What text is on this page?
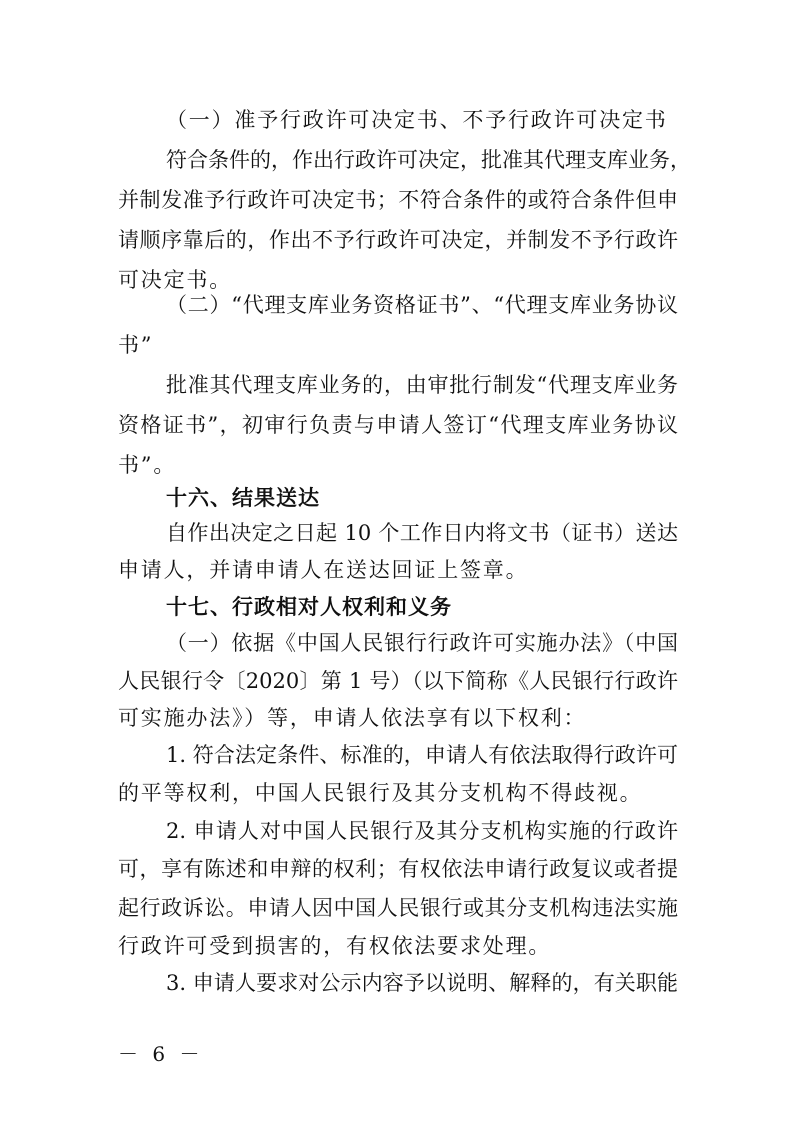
（一）准予行政许可决定书、不予行政许可决定书
符合条件的，作出行政许可决定，批准其代理支库业务，
并制发准予行政许可决定书；不符合条件的或符合条件但申
请顺序靠后的，作出不予行政许可决定，并制发不予行政许
可决定书。
（二）“代理支库业务资格证书”、“代理支库业务协议
书”
批准其代理支库业务的，由审批行制发“代理支库业务
资格证书”，初审行负责与申请人签订“代理支库业务协议
书”。
十六、结果送达
自作出决定之日起 10 个工作日内将文书（证书）送达
申请人，并请申请人在送达回证上签章。
十七、行政相对人权利和义务
（一）依据《中国人民银行行政许可实施办法》（中国
人民银行令〔2020〕第 1 号）（以下简称《人民银行行政许
可实施办法》）等，申请人依法享有以下权利：
1. 符合法定条件、标准的，申请人有依法取得行政许可
的平等权利，中国人民银行及其分支机构不得歧视。
2. 申请人对中国人民银行及其分支机构实施的行政许
可，享有陈述和申辩的权利；有权依法申请行政复议或者提
起行政诉讼。申请人因中国人民银行或其分支机构违法实施
行政许可受到损害的，有权依法要求处理。
3. 申请人要求对公示内容予以说明、解释的，有关职能
－ 6 －
